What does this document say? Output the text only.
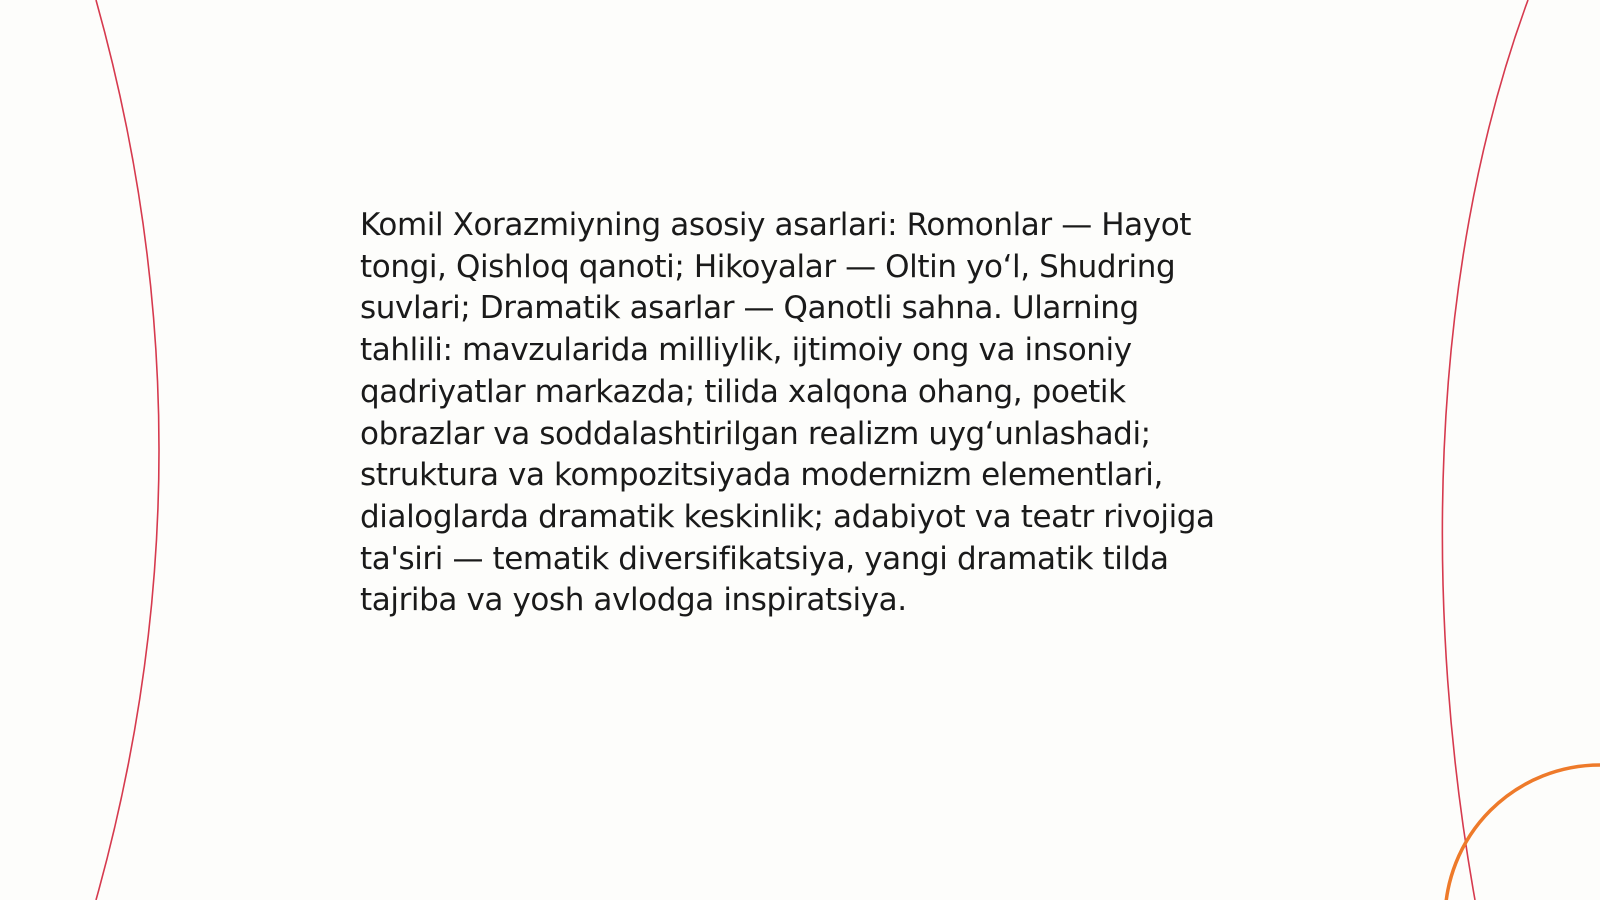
Komil Xorazmiyning asosiy asarlari: Romonlar — Hayot tongi, Qishloq qanoti; Hikoyalar — Oltin yo‘l, Shudring suvlari; Dramatik asarlar — Qanotli sahna. Ularning tahlili: mavzularida milliylik, ijtimoiy ong va insoniy qadriyatlar markazda; tilida xalqona ohang, poetik obrazlar va soddalashtirilgan realizm uyg‘unlashadi; struktura va kompozitsiyada modernizm elementlari, dialoglarda dramatik keskinlik; adabiyot va teatr rivojiga ta'siri — tematik diversifikatsiya, yangi dramatik tilda tajriba va yosh avlodga inspiratsiya.
